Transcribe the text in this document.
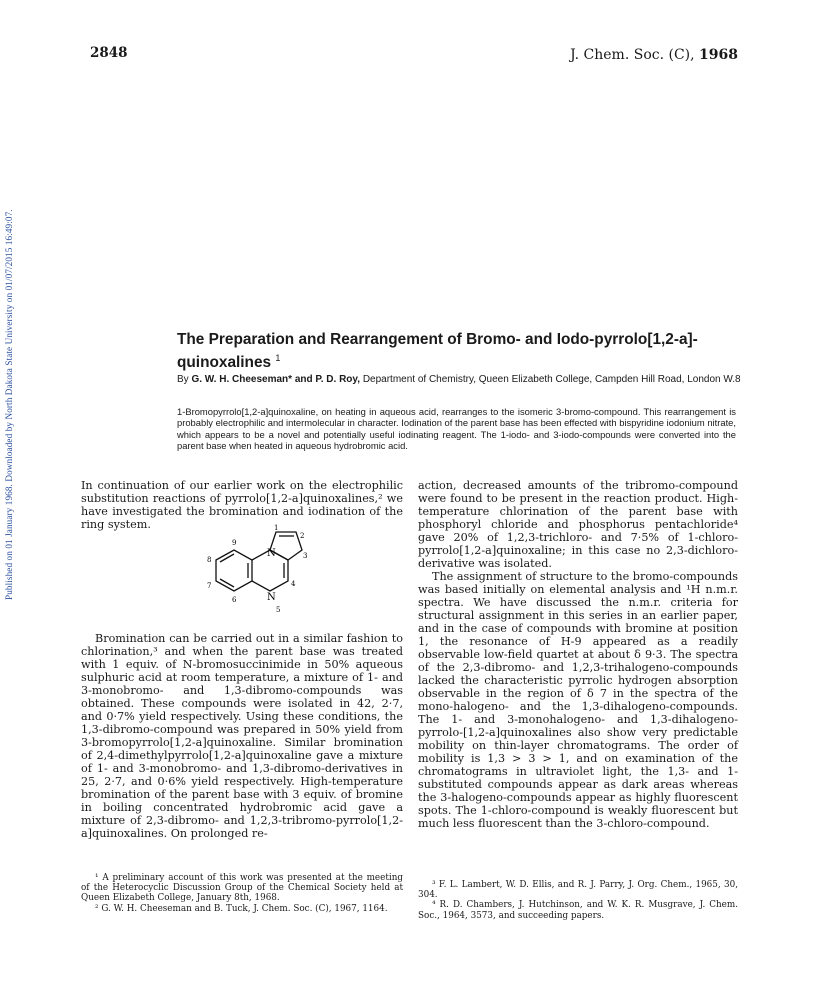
Published on 01 January 1968. Downloaded by North Dakota State University on 01/07/2015 16:49:07.
2848	J. Chem. Soc. (C), 1968
The Preparation and Rearrangement of Bromo- and Iodo-pyrrolo[1,2-a]-quinoxalines $^1$
By G. W. H. Cheeseman* and P. D. Roy, Department of Chemistry, Queen Elizabeth College, Campden Hill Road, London W.8
1-Bromopyrrolo[1,2-a]quinoxaline, on heating in aqueous acid, rearranges to the isomeric 3-bromo-compound. This rearrangement is probably electrophilic and intermolecular in character. Iodination of the parent base has been effected with bispyridine iodonium nitrate, which appears to be a novel and potentially useful iodinating reagent. The 1-iodo- and 3-iodo-compounds were converted into the parent base when heated in aqueous hydrobromic acid.
In continuation of our earlier work on the electrophilic substitution reactions of pyrrolo[1,2-a]quinoxalines,² we have investigated the bromination and iodination of the ring system.
N
N
1
2
3
4
5
6
7
8
9
Bromination can be carried out in a similar fashion to chlorination,³ and when the parent base was treated with 1 equiv. of N-bromosuccinimide in 50% aqueous sulphuric acid at room temperature, a mixture of 1- and 3-monobromo- and 1,3-dibromo-compounds was obtained. These compounds were isolated in 42, 2·7, and 0·7% yield respectively. Using these conditions, the 1,3-dibromo-compound was prepared in 50% yield from 3-bromopyrrolo[1,2-a]quinoxaline. Similar bromination of 2,4-dimethylpyrrolo[1,2-a]quinoxaline gave a mixture of 1- and 3-monobromo- and 1,3-dibromo-derivatives in 25, 2·7, and 0·6% yield respectively. High-temperature bromination of the parent base with 3 equiv. of bromine in boiling concentrated hydrobromic acid gave a mixture of 2,3-dibromo- and 1,2,3-tribromo-pyrrolo[1,2-a]quinoxalines. On prolonged re-

action, decreased amounts of the tribromo-compound were found to be present in the reaction product. High-temperature chlorination of the parent base with phosphoryl chloride and phosphorus pentachloride⁴ gave 20% of 1,2,3-trichloro- and 7·5% of 1-chloro-pyrrolo[1,2-a]quinoxaline; in this case no 2,3-dichloro-derivative was isolated.

The assignment of structure to the bromo-compounds was based initially on elemental analysis and ¹H n.m.r. spectra. We have discussed the n.m.r. criteria for structural assignment in this series in an earlier paper, and in the case of compounds with bromine at position 1, the resonance of H-9 appeared as a readily observable low-field quartet at about δ 9·3. The spectra of the 2,3-dibromo- and 1,2,3-trihalogeno-compounds lacked the characteristic pyrrolic hydrogen absorption observable in the region of δ 7 in the spectra of the mono-halogeno- and the 1,3-dihalogeno-compounds. The 1- and 3-monohalogeno- and 1,3-dihalogeno-pyrrolo-[1,2-a]quinoxalines also show very predictable mobility on thin-layer chromatograms. The order of mobility is 1,3 > 3 > 1, and on examination of the chromatograms in ultraviolet light, the 1,3- and 1-substituted compounds appear as dark areas whereas the 3-halogeno-compounds appear as highly fluorescent spots. The 1-chloro-compound is weakly fluorescent but much less fluorescent than the 3-chloro-compound.

¹ A preliminary account of this work was presented at the meeting of the Heterocyclic Discussion Group of the Chemical Society held at Queen Elizabeth College, January 8th, 1968.

² G. W. H. Cheeseman and B. Tuck, J. Chem. Soc. (C), 1967, 1164.

³ F. L. Lambert, W. D. Ellis, and R. J. Parry, J. Org. Chem., 1965, 30, 304.

⁴ R. D. Chambers, J. Hutchinson, and W. K. R. Musgrave, J. Chem. Soc., 1964, 3573, and succeeding papers.
